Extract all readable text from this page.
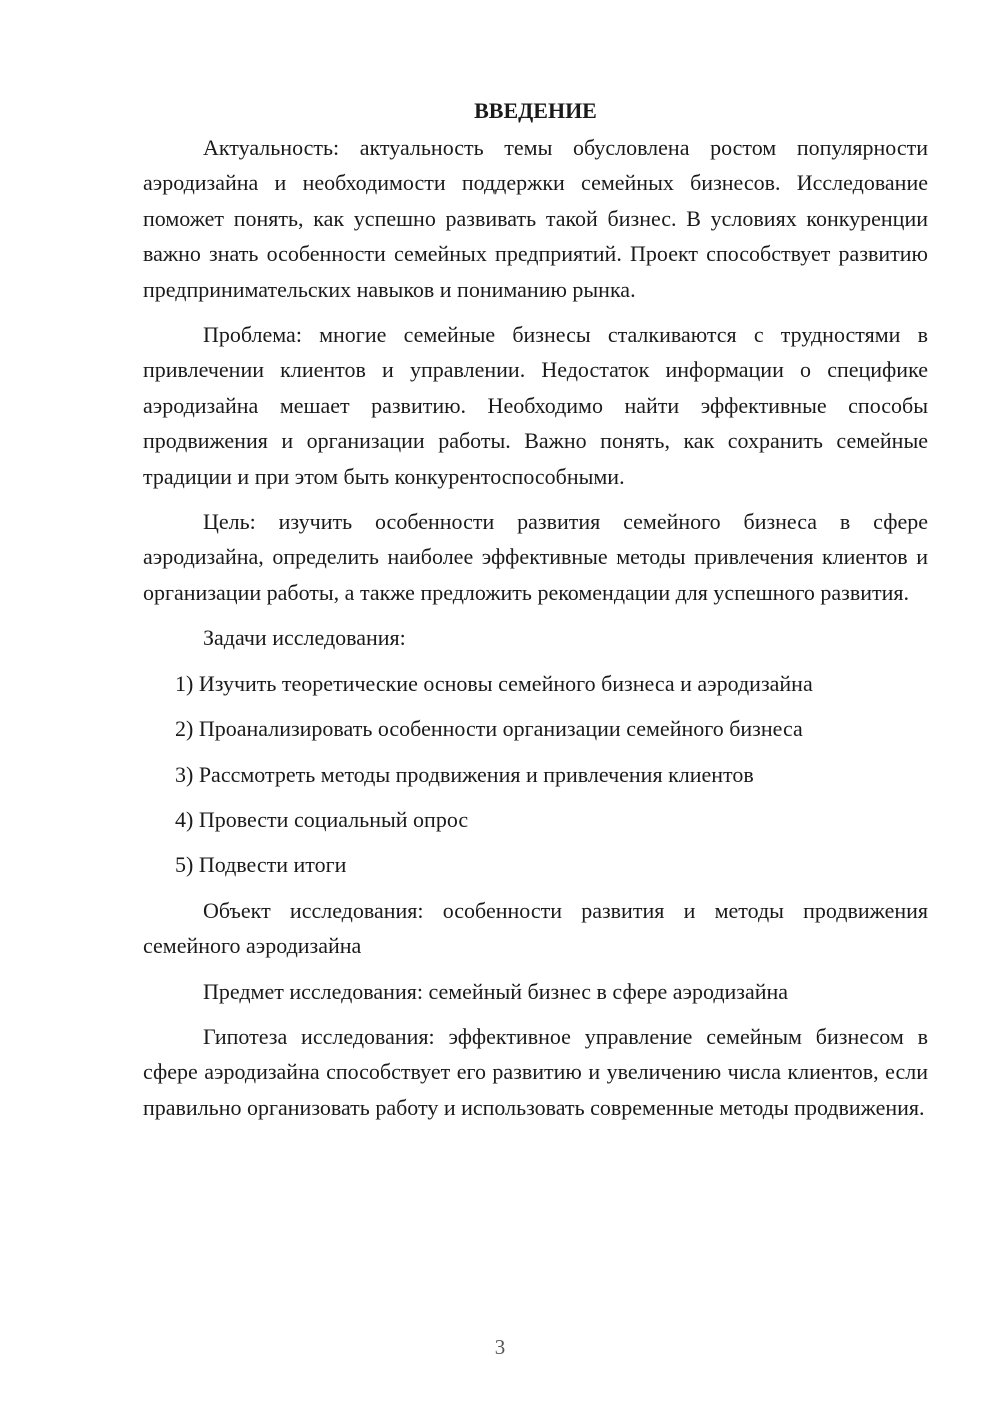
ВВЕДЕНИЕ

Актуальность: актуальность темы обусловлена ростом популярности аэродизайна и необходимости поддержки семейных бизнесов. Исследование поможет понять, как успешно развивать такой бизнес. В условиях конкуренции важно знать особенности семейных предприятий. Проект способствует развитию предпринимательских навыков и пониманию рынка.

Проблема: многие семейные бизнесы сталкиваются с трудностями в привлечении клиентов и управлении. Недостаток информации о специфике аэродизайна мешает развитию. Необходимо найти эффективные способы продвижения и организации работы. Важно понять, как сохранить семейные традиции и при этом быть конкурентоспособными.

Цель: изучить особенности развития семейного бизнеса в сфере аэродизайна, определить наиболее эффективные методы привлечения клиентов и организации работы, а также предложить рекомендации для успешного развития.

Задачи исследования:

1) Изучить теоретические основы семейного бизнеса и аэродизайна
2) Проанализировать особенности организации семейного бизнеса
3) Рассмотреть методы продвижения и привлечения клиентов
4) Провести социальный опрос
5) Подвести итоги

Объект исследования: особенности развития и методы продвижения семейного аэродизайна

Предмет исследования: семейный бизнес в сфере аэродизайна

Гипотеза исследования: эффективное управление семейным бизнесом в сфере аэродизайна способствует его развитию и увеличению числа клиентов, если правильно организовать работу и использовать современные методы продвижения.

3
